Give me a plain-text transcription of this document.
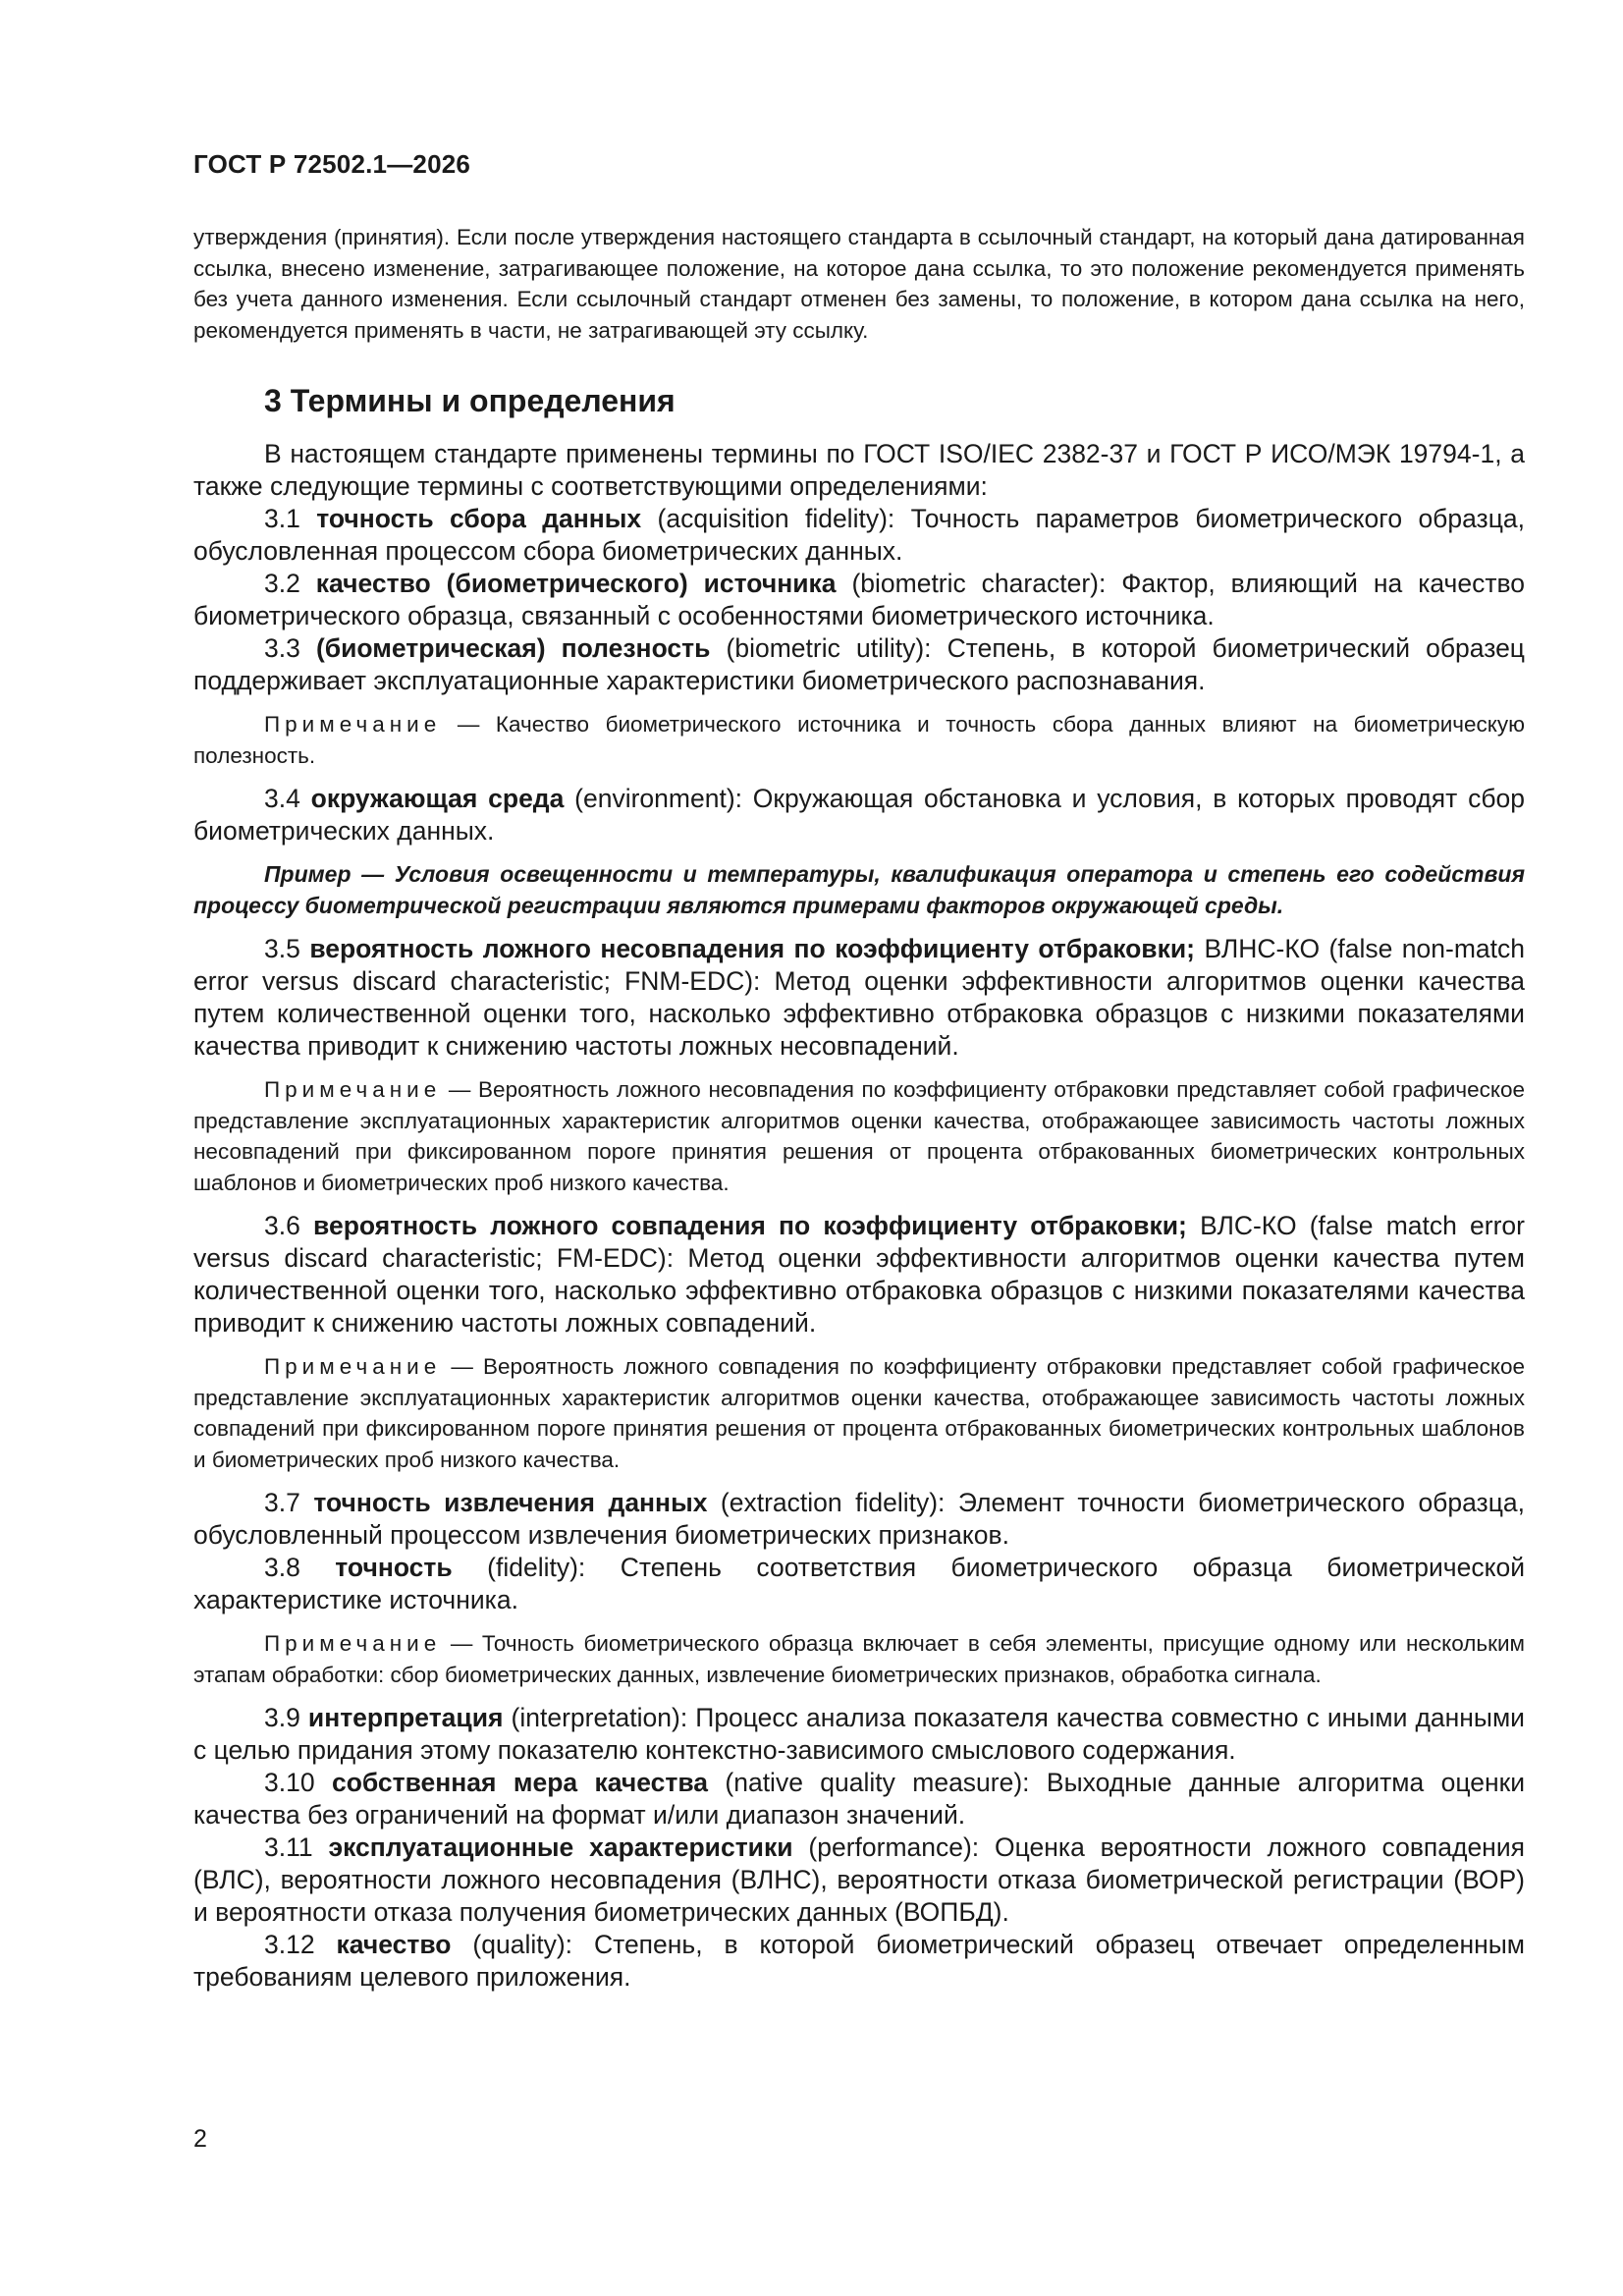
ГОСТ Р 72502.1—2026

утверждения (принятия). Если после утверждения настоящего стандарта в ссылочный стандарт, на который дана датированная ссылка, внесено изменение, затрагивающее положение, на которое дана ссылка, то это положение рекомендуется применять без учета данного изменения. Если ссылочный стандарт отменен без замены, то положение, в котором дана ссылка на него, рекомендуется применять в части, не затрагивающей эту ссылку.

3 Термины и определения

В настоящем стандарте применены термины по ГОСТ ISO/IEC 2382-37 и ГОСТ Р ИСО/МЭК 19794-1, а также следующие термины с соответствующими определениями:

3.1 точность сбора данных (acquisition fidelity): Точность параметров биометрического образца, обусловленная процессом сбора биометрических данных.

3.2 качество (биометрического) источника (biometric character): Фактор, влияющий на качество биометрического образца, связанный с особенностями биометрического источника.

3.3 (биометрическая) полезность (biometric utility): Степень, в которой биометрический образец поддерживает эксплуатационные характеристики биометрического распознавания.

Примечание — Качество биометрического источника и точность сбора данных влияют на биометрическую полезность.

3.4 окружающая среда (environment): Окружающая обстановка и условия, в которых проводят сбор биометрических данных.

Пример — Условия освещенности и температуры, квалификация оператора и степень его содействия процессу биометрической регистрации являются примерами факторов окружающей среды.

3.5 вероятность ложного несовпадения по коэффициенту отбраковки; ВЛНС-КО (false non-match error versus discard characteristic; FNM-EDC): Метод оценки эффективности алгоритмов оценки качества путем количественной оценки того, насколько эффективно отбраковка образцов с низкими показателями качества приводит к снижению частоты ложных несовпадений.

Примечание — Вероятность ложного несовпадения по коэффициенту отбраковки представляет собой графическое представление эксплуатационных характеристик алгоритмов оценки качества, отображающее зависимость частоты ложных несовпадений при фиксированном пороге принятия решения от процента отбракованных биометрических контрольных шаблонов и биометрических проб низкого качества.

3.6 вероятность ложного совпадения по коэффициенту отбраковки; ВЛС-КО (false match error versus discard characteristic; FM-EDC): Метод оценки эффективности алгоритмов оценки качества путем количественной оценки того, насколько эффективно отбраковка образцов с низкими показателями качества приводит к снижению частоты ложных совпадений.

Примечание — Вероятность ложного совпадения по коэффициенту отбраковки представляет собой графическое представление эксплуатационных характеристик алгоритмов оценки качества, отображающее зависимость частоты ложных совпадений при фиксированном пороге принятия решения от процента отбракованных биометрических контрольных шаблонов и биометрических проб низкого качества.

3.7 точность извлечения данных (extraction fidelity): Элемент точности биометрического образца, обусловленный процессом извлечения биометрических признаков.

3.8 точность (fidelity): Степень соответствия биометрического образца биометрической характеристике источника.

Примечание — Точность биометрического образца включает в себя элементы, присущие одному или нескольким этапам обработки: сбор биометрических данных, извлечение биометрических признаков, обработка сигнала.

3.9 интерпретация (interpretation): Процесс анализа показателя качества совместно с иными данными с целью придания этому показателю контекстно-зависимого смыслового содержания.

3.10 собственная мера качества (native quality measure): Выходные данные алгоритма оценки качества без ограничений на формат и/или диапазон значений.

3.11 эксплуатационные характеристики (performance): Оценка вероятности ложного совпадения (ВЛС), вероятности ложного несовпадения (ВЛНС), вероятности отказа биометрической регистрации (ВОР) и вероятности отказа получения биометрических данных (ВОПБД).

3.12 качество (quality): Степень, в которой биометрический образец отвечает определенным требованиям целевого приложения.

2
